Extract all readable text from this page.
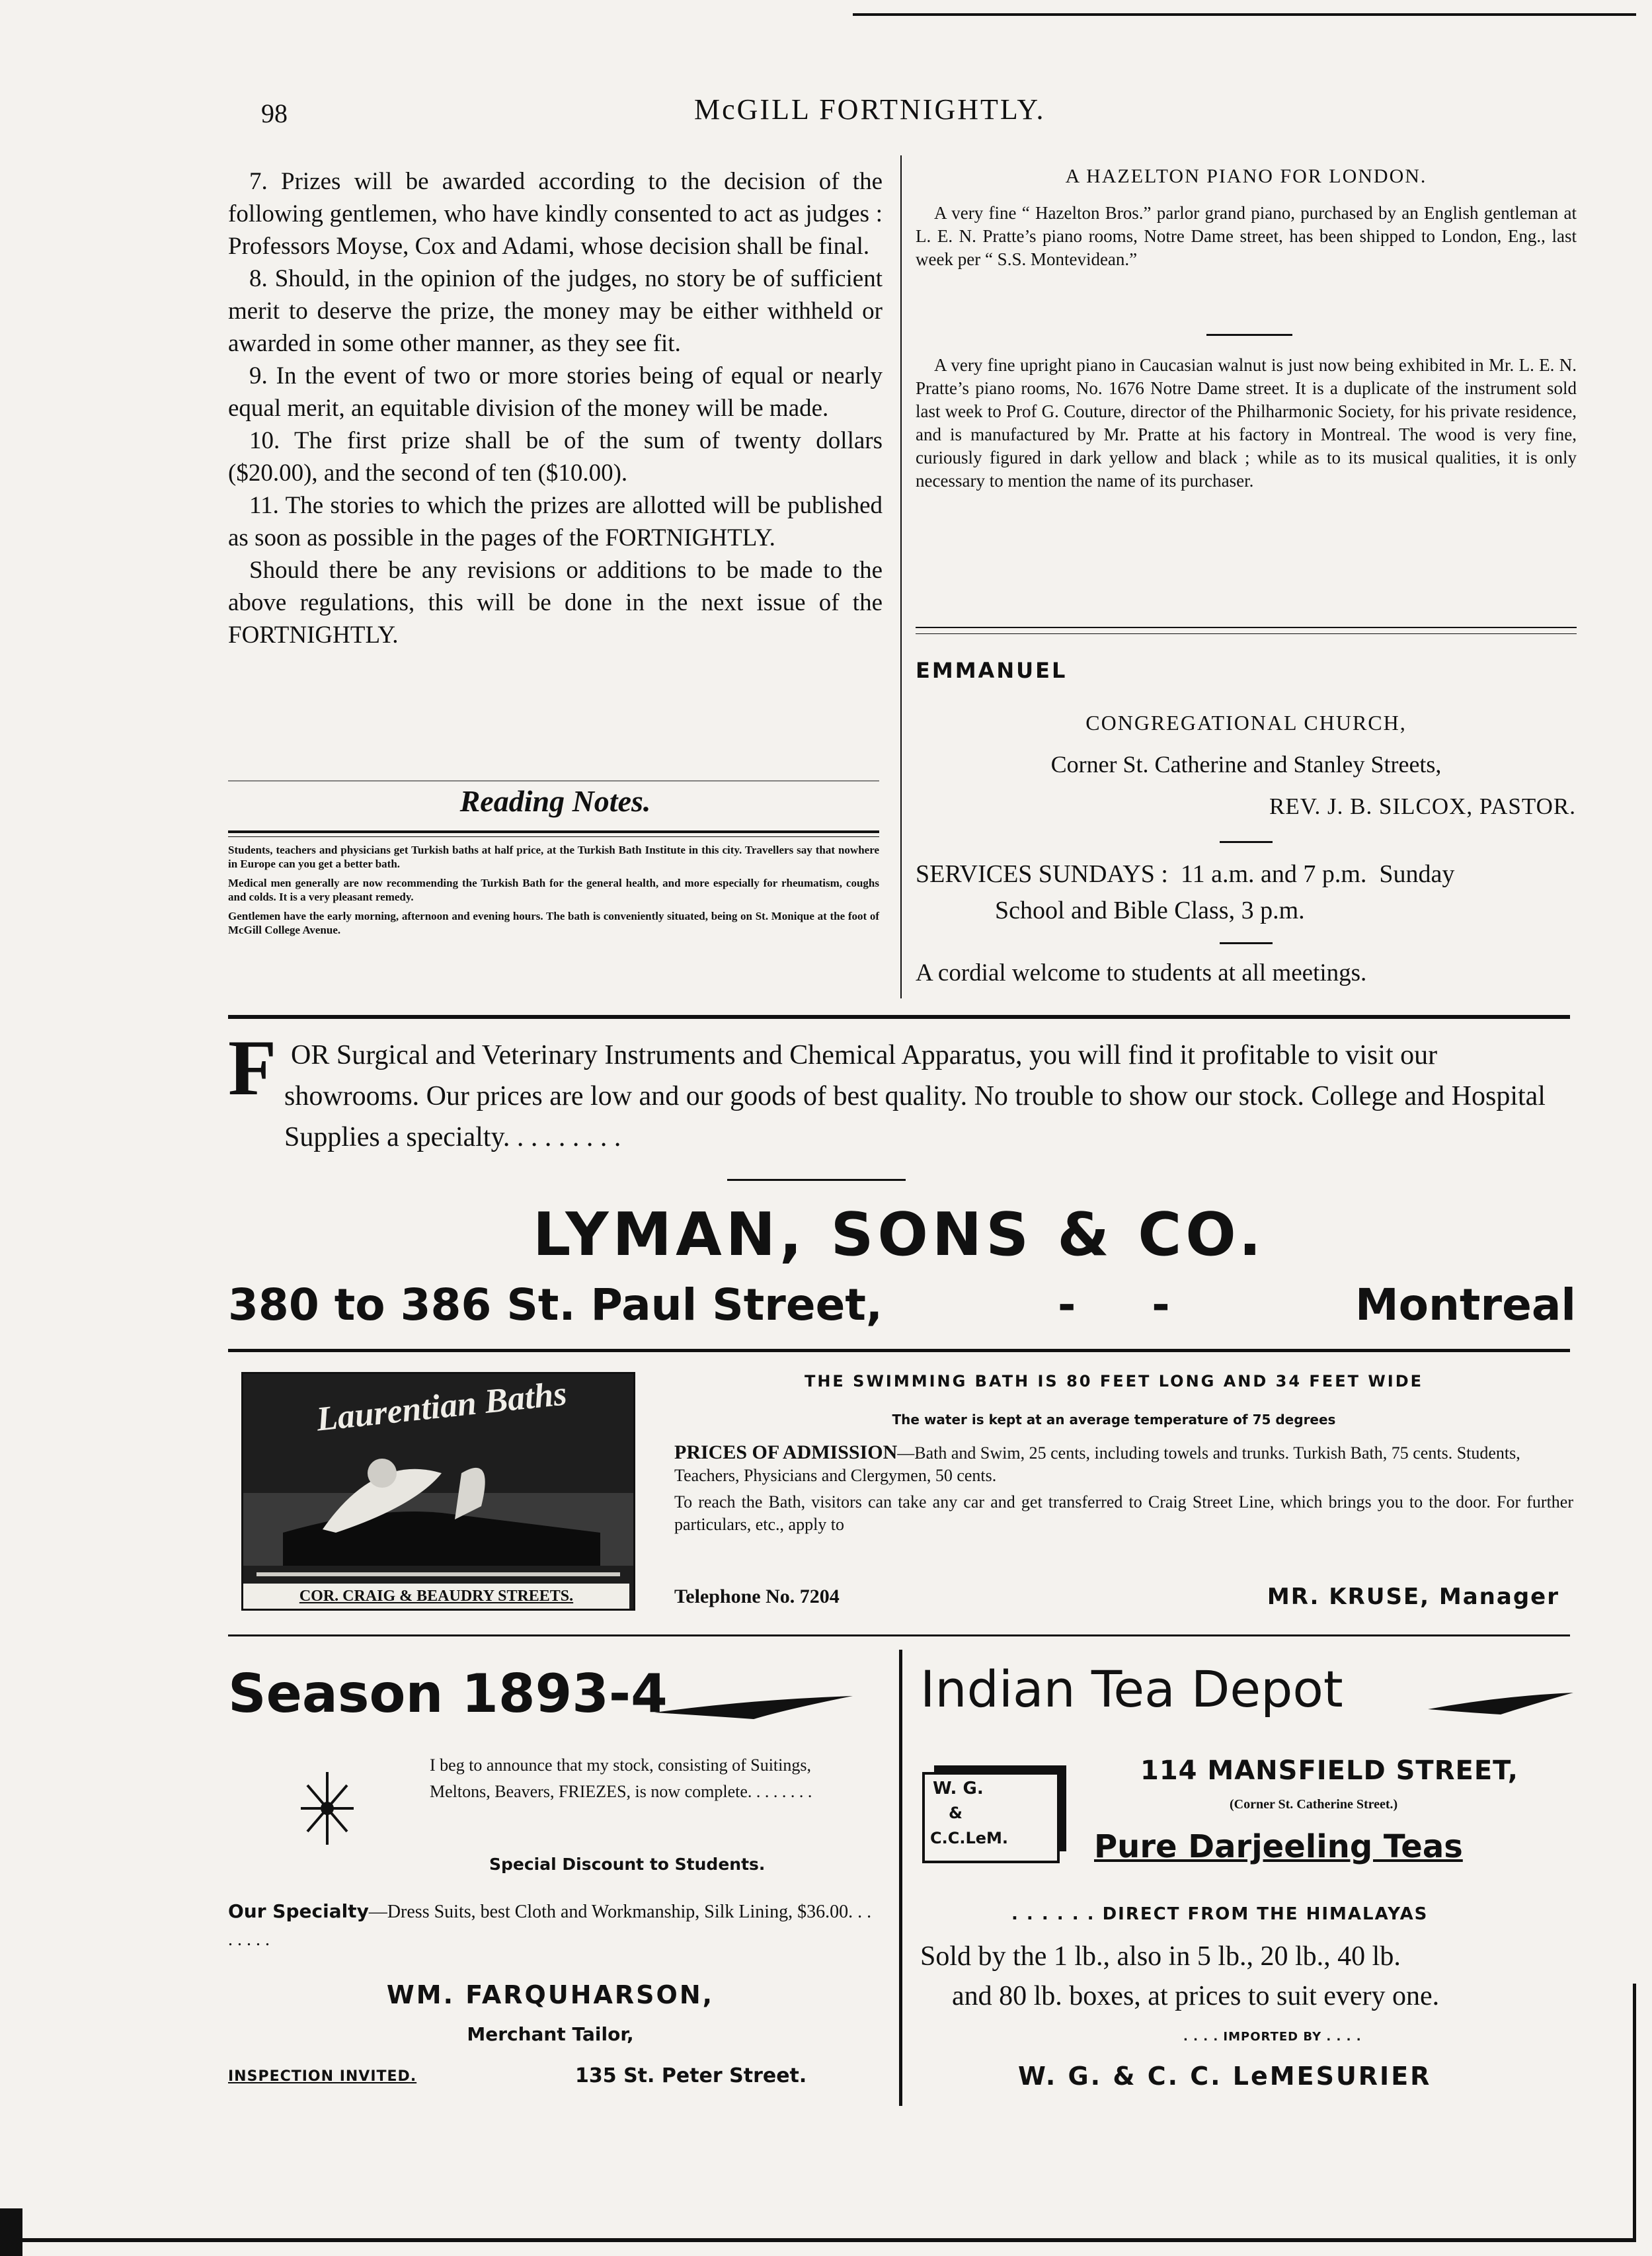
98	McGILL FORTNIGHTLY.

7. Prizes will be awarded according to the decision of the following gentlemen, who have kindly consented to act as judges : Professors Moyse, Cox and Adami, whose decision shall be final.

8. Should, in the opinion of the judges, no story be of sufficient merit to deserve the prize, the money may be either withheld or awarded in some other manner, as they see fit.

9. In the event of two or more stories being of equal or nearly equal merit, an equitable division of the money will be made.

10. The first prize shall be of the sum of twenty dollars ($20.00), and the second of ten ($10.00).

11. The stories to which the prizes are allotted will be published as soon as possible in the pages of the FORTNIGHTLY.

Should there be any revisions or additions to be made to the above regulations, this will be done in the next issue of the FORTNIGHTLY.

Reading Notes.

Students, teachers and physicians get Turkish baths at half price, at the Turkish Bath Institute in this city. Travellers say that nowhere in Europe can you get a better bath.

Medical men generally are now recommending the Turkish Bath for the general health, and more especially for rheumatism, coughs and colds. It is a very pleasant remedy.

Gentlemen have the early morning, afternoon and evening hours. The bath is conveniently situated, being on St. Monique at the foot of McGill College Avenue.

A HAZELTON PIANO FOR LONDON.

A very fine “ Hazelton Bros.” parlor grand piano, purchased by an English gentleman at L. E. N. Pratte’s piano rooms, Notre Dame street, has been shipped to London, Eng., last week per “ S.S. Montevidean.”

A very fine upright piano in Caucasian walnut is just now being exhibited in Mr. L. E. N. Pratte’s piano rooms, No. 1676 Notre Dame street. It is a duplicate of the instrument sold last week to Prof G. Couture, director of the Philharmonic Society, for his private residence, and is manufactured by Mr. Pratte at his factory in Montreal. The wood is very fine, curiously figured in dark yellow and black ; while as to its musical qualities, it is only necessary to mention the name of its purchaser.

EMMANUEL
CONGREGATIONAL CHURCH,
Corner St. Catherine and Stanley Streets,
REV. J. B. SILCOX, PASTOR.
SERVICES SUNDAYS :  11 a.m. and 7 p.m.  Sunday
School and Bible Class, 3 p.m.
A cordial welcome to students at all meetings.
F OR Surgical and Veterinary Instruments and Chemical Apparatus, you will find it profitable to visit our showrooms. Our prices are low and our goods of best quality. No trouble to show our stock. College and Hospital Supplies a specialty. . . . . . . . .
LYMAN, SONS & CO.
380 to 386 St. Paul Street,	-     -	Montreal
Laurentian Baths
COR. CRAIG & BEAUDRY STREETS.
THE SWIMMING BATH IS 80 FEET LONG AND 34 FEET WIDE
The water is kept at an average temperature of 75 degrees
PRICES OF ADMISSION—Bath and Swim, 25 cents, including towels and trunks. Turkish Bath, 75 cents. Students, Teachers, Physicians and Clergymen, 50 cents.
To reach the Bath, visitors can take any car and get transferred to Craig Street Line, which brings you to the door. For further particulars, etc., apply to
Telephone No. 7204	MR. KRUSE, Manager
Season 1893-4
I beg to announce that my stock, consisting of Suitings, Meltons, Beavers, FRIEZES, is now complete. . . . . . . .
Special Discount to Students.
Our Specialty—Dress Suits, best Cloth and Workmanship, Silk Lining, $36.00. . . . . . . .
WM. FARQUHARSON,
Merchant Tailor,
INSPECTION INVITED.	135 St. Peter Street.
Indian Tea Depot
W. G.
&
C.C.LeM.
114 MANSFIELD STREET,
(Corner St. Catherine Street.)
Pure Darjeeling Teas
. . . . . . DIRECT FROM THE HIMALAYAS
Sold by the 1 lb., also in 5 lb., 20 lb., 40 lb.
and 80 lb. boxes, at prices to suit every one.
. . . . IMPORTED BY . . . .
W. G. & C. C. LeMESURIER
